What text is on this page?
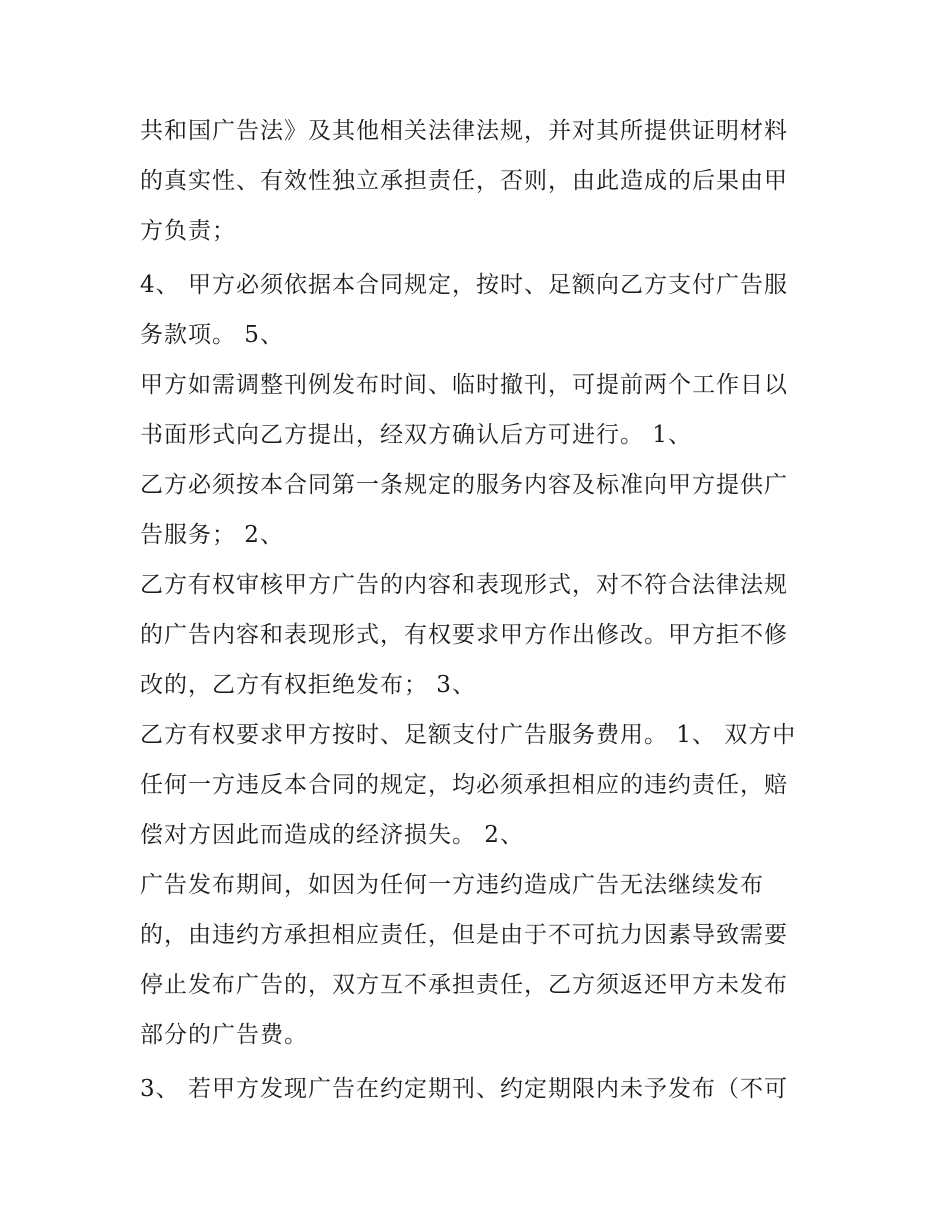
共和国广告法》及其他相关法律法规，并对其所提供证明材料
的真实性、有效性独立承担责任，否则，由此造成的后果由甲
方负责；
4、 甲方必须依据本合同规定，按时、足额向乙方支付广告服
务款项。 5、
甲方如需调整刊例发布时间、临时撤刊，可提前两个工作日以
书面形式向乙方提出，经双方确认后方可进行。 1、
乙方必须按本合同第一条规定的服务内容及标准向甲方提供广
告服务； 2、
乙方有权审核甲方广告的内容和表现形式，对不符合法律法规
的广告内容和表现形式，有权要求甲方作出修改。甲方拒不修
改的，乙方有权拒绝发布； 3、
乙方有权要求甲方按时、足额支付广告服务费用。 1、 双方中
任何一方违反本合同的规定，均必须承担相应的违约责任，赔
偿对方因此而造成的经济损失。 2、
广告发布期间，如因为任何一方违约造成广告无法继续发布
的，由违约方承担相应责任，但是由于不可抗力因素导致需要
停止发布广告的，双方互不承担责任，乙方须返还甲方未发布
部分的广告费。
3、 若甲方发现广告在约定期刊、约定期限内未予发布（不可
